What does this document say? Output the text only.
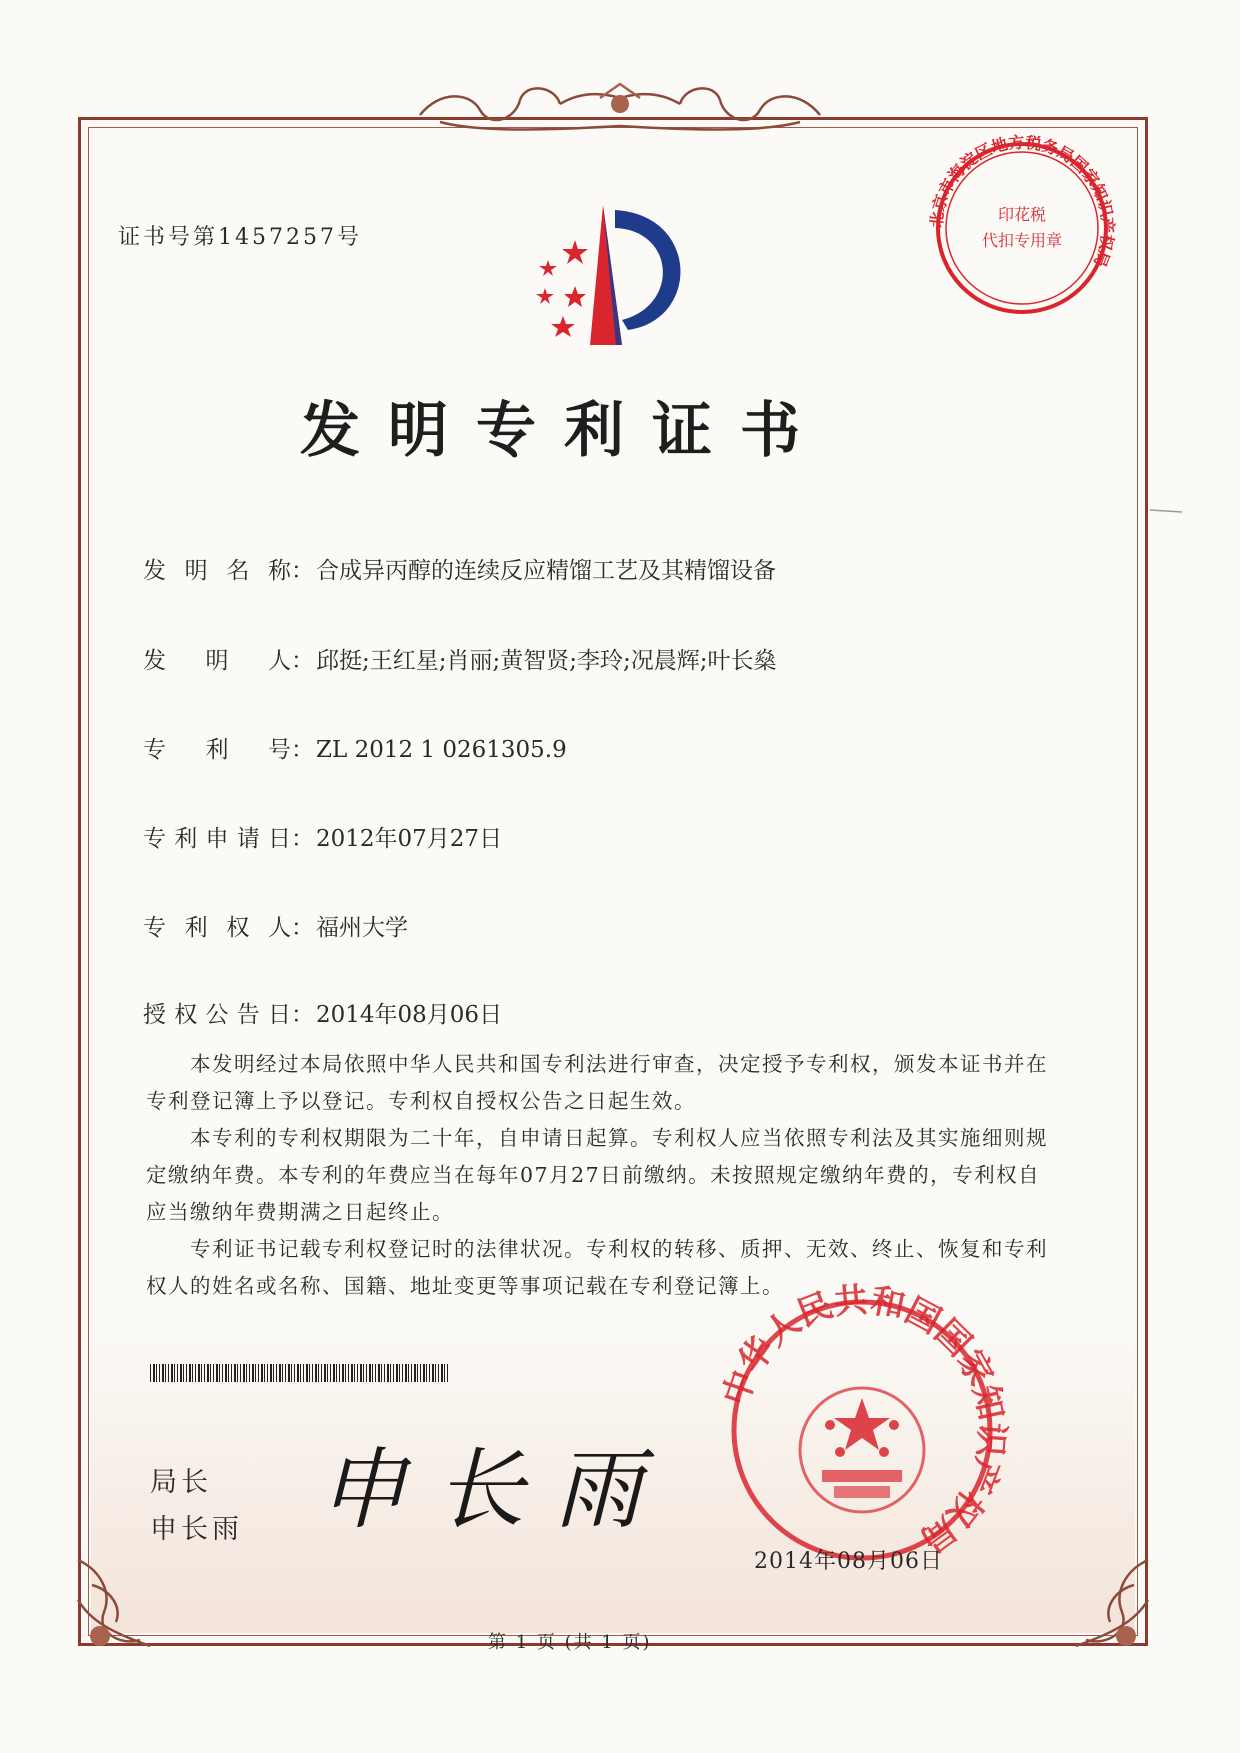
北京市海淀区地方税务局国家知识产权局
印花税
代扣专用章
中华人民共和国国家知识产权局
申长雨
证书号第1457257号
发明专利证书
发明名称：合成异丙醇的连续反应精馏工艺及其精馏设备
发明人：邱挺;王红星;肖丽;黄智贤;李玲;况晨辉;叶长燊
专利号：ZL 2012 1 0261305.9
专利申请日：2012年07月27日
专利权人：福州大学
授权公告日：2014年08月06日

本发明经过本局依照中华人民共和国专利法进行审查，决定授予专利权，颁发本证书并在专利登记簿上予以登记。专利权自授权公告之日起生效。

本专利的专利权期限为二十年，自申请日起算。专利权人应当依照专利法及其实施细则规定缴纳年费。本专利的年费应当在每年07月27日前缴纳。未按照规定缴纳年费的，专利权自应当缴纳年费期满之日起终止。

专利证书记载专利权登记时的法律状况。专利权的转移、质押、无效、终止、恢复和专利权人的姓名或名称、国籍、地址变更等事项记载在专利登记簿上。

局长
申长雨
2014年08月06日
第 1 页 (共 1 页)
